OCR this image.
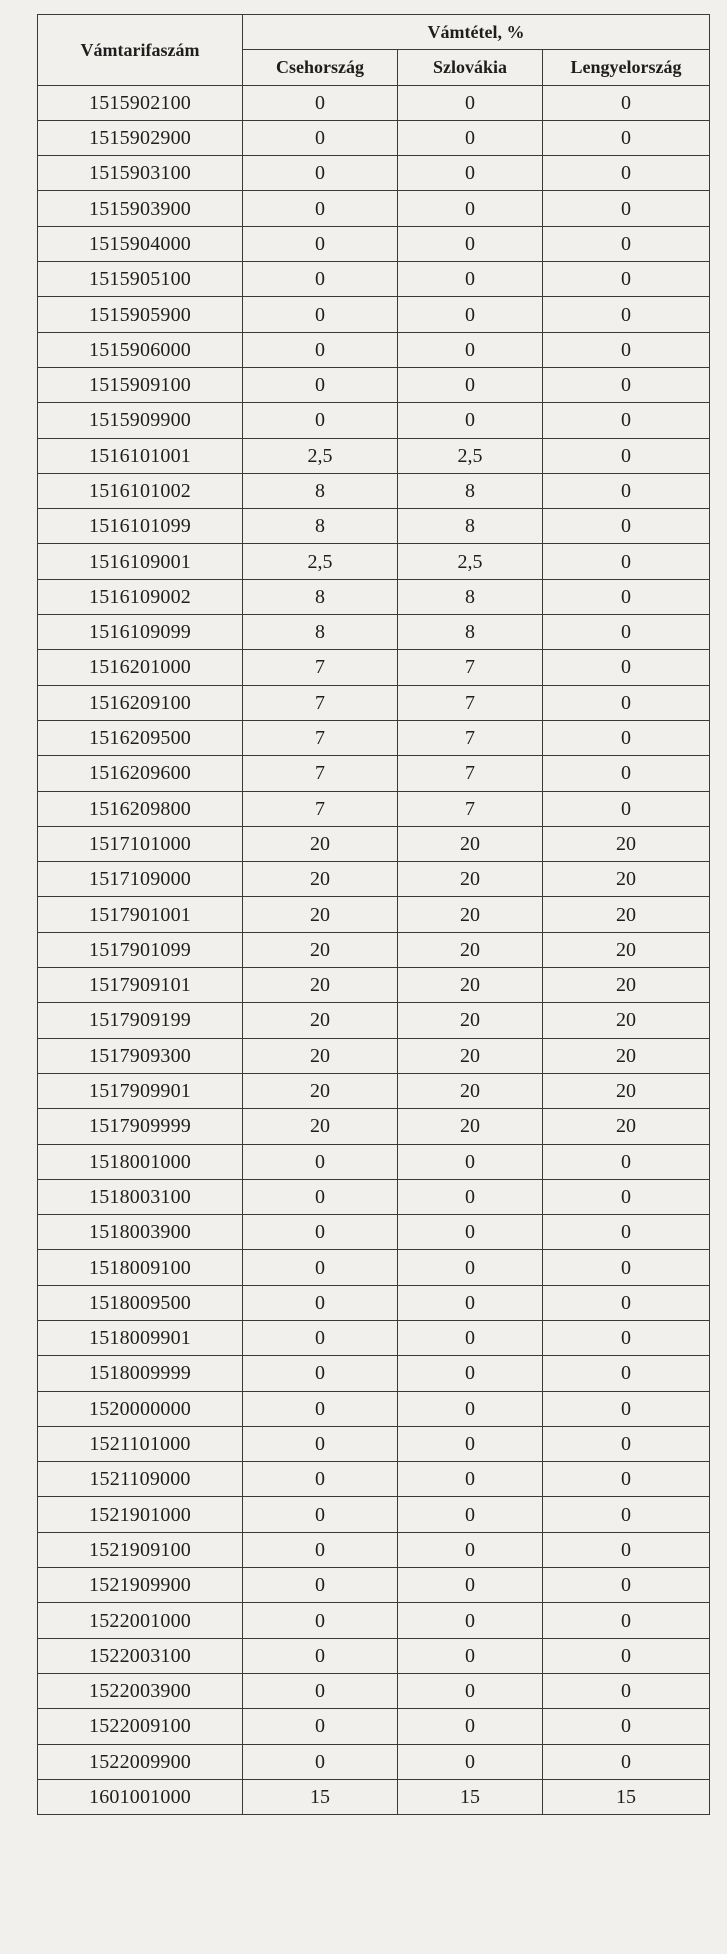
Vámtarifaszám	Vámtétel, %		
	Csehország	Szlovákia	Lengyelország
1515902100	0	0	0
1515902900	0	0	0
1515903100	0	0	0
1515903900	0	0	0
1515904000	0	0	0
1515905100	0	0	0
1515905900	0	0	0
1515906000	0	0	0
1515909100	0	0	0
1515909900	0	0	0
1516101001	2,5	2,5	0
1516101002	8	8	0
1516101099	8	8	0
1516109001	2,5	2,5	0
1516109002	8	8	0
1516109099	8	8	0
1516201000	7	7	0
1516209100	7	7	0
1516209500	7	7	0
1516209600	7	7	0
1516209800	7	7	0
1517101000	20	20	20
1517109000	20	20	20
1517901001	20	20	20
1517901099	20	20	20
1517909101	20	20	20
1517909199	20	20	20
1517909300	20	20	20
1517909901	20	20	20
1517909999	20	20	20
1518001000	0	0	0
1518003100	0	0	0
1518003900	0	0	0
1518009100	0	0	0
1518009500	0	0	0
1518009901	0	0	0
1518009999	0	0	0
1520000000	0	0	0
1521101000	0	0	0
1521109000	0	0	0
1521901000	0	0	0
1521909100	0	0	0
1521909900	0	0	0
1522001000	0	0	0
1522003100	0	0	0
1522003900	0	0	0
1522009100	0	0	0
1522009900	0	0	0
1601001000	15	15	15
